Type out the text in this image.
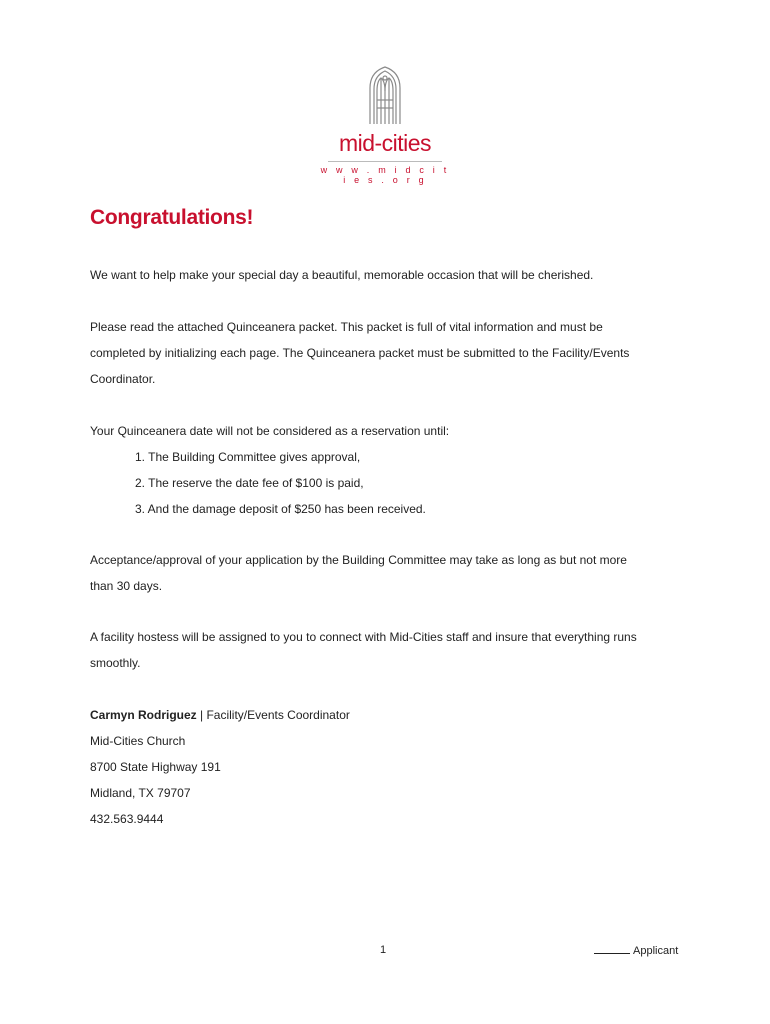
mid-cities
w w w . m i d c i t i e s . o r g
Congratulations!

We want to help make your special day a beautiful, memorable occasion that will be cherished.

Please read the attached Quinceanera packet. This packet is full of vital information and must be

completed by initializing each page. The Quinceanera packet must be submitted to the Facility/Events

Coordinator.

Your Quinceanera date will not be considered as a reservation until:

1. The Building Committee gives approval,

2. The reserve the date fee of $100 is paid,

3. And the damage deposit of $250 has been received.

Acceptance/approval of your application by the Building Committee may take as long as but not more

than 30 days.

A facility hostess will be assigned to you to connect with Mid-Cities staff and insure that everything runs

smoothly.

Carmyn Rodriguez | Facility/Events Coordinator

Mid-Cities Church

8700 State Highway 191

Midland, TX 79707

432.563.9444

1	Applicant
